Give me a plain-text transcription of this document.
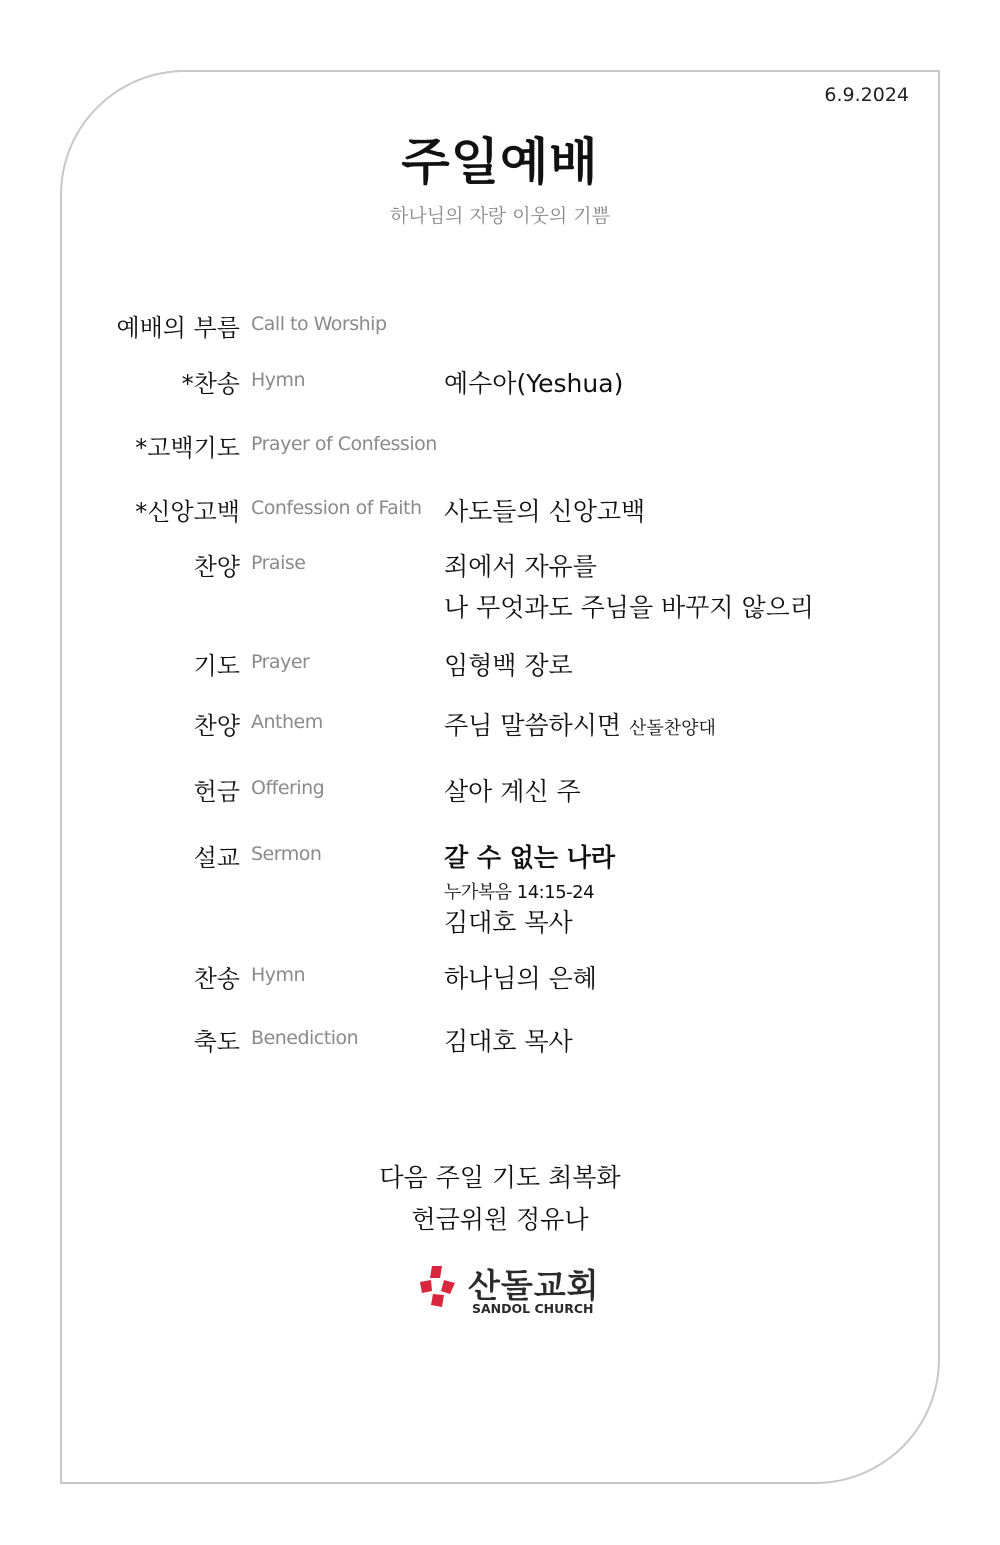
6.9.2024
주일예배
하나님의 자랑 이웃의 기쁨
예배의 부름 Call to Worship
*찬송 Hymn	예수아(Yeshua)
*고백기도 Prayer of Confession
*신앙고백 Confession of Faith 사도들의 신앙고백
찬양 Praise	죄에서 자유를
나 무엇과도 주님을 바꾸지 않으리
기도 Prayer	임형백 장로
찬양 Anthem	주님 말씀하시면 산돌찬양대
헌금 Offering	살아 계신 주
설교 Sermon	갈 수 없는 나라
누가복음 14:15-24
김대호 목사
찬송 Hymn	하나님의 은혜
축도 Benediction	김대호 목사
다음 주일 기도 최복화
헌금위원 정유나
산돌교회
SANDOL CHURCH
